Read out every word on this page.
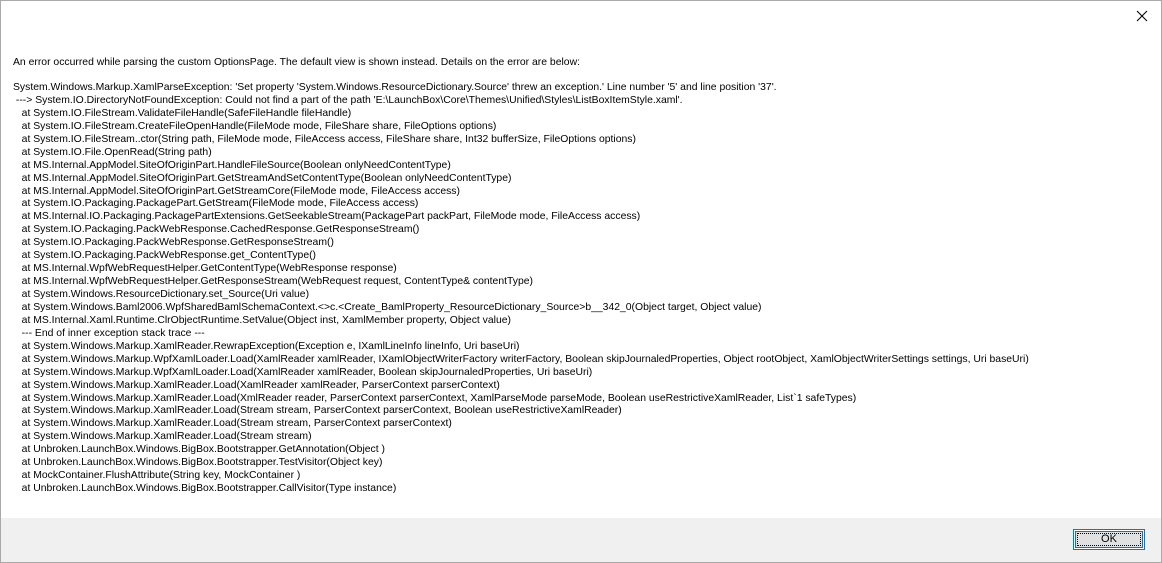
An error occurred while parsing the custom OptionsPage. The default view is shown instead. Details on the error are below:
System.Windows.Markup.XamlParseException: 'Set property 'System.Windows.ResourceDictionary.Source' threw an exception.' Line number '5' and line position '37'.
---> System.IO.DirectoryNotFoundException: Could not find a part of the path 'E:\LaunchBox\Core\Themes\Unified\Styles\ListBoxItemStyle.xaml'.
at System.IO.FileStream.ValidateFileHandle(SafeFileHandle fileHandle)
at System.IO.FileStream.CreateFileOpenHandle(FileMode mode, FileShare share, FileOptions options)
at System.IO.FileStream..ctor(String path, FileMode mode, FileAccess access, FileShare share, Int32 bufferSize, FileOptions options)
at System.IO.File.OpenRead(String path)
at MS.Internal.AppModel.SiteOfOriginPart.HandleFileSource(Boolean onlyNeedContentType)
at MS.Internal.AppModel.SiteOfOriginPart.GetStreamAndSetContentType(Boolean onlyNeedContentType)
at MS.Internal.AppModel.SiteOfOriginPart.GetStreamCore(FileMode mode, FileAccess access)
at System.IO.Packaging.PackagePart.GetStream(FileMode mode, FileAccess access)
at MS.Internal.IO.Packaging.PackagePartExtensions.GetSeekableStream(PackagePart packPart, FileMode mode, FileAccess access)
at System.IO.Packaging.PackWebResponse.CachedResponse.GetResponseStream()
at System.IO.Packaging.PackWebResponse.GetResponseStream()
at System.IO.Packaging.PackWebResponse.get_ContentType()
at MS.Internal.WpfWebRequestHelper.GetContentType(WebResponse response)
at MS.Internal.WpfWebRequestHelper.GetResponseStream(WebRequest request, ContentType& contentType)
at System.Windows.ResourceDictionary.set_Source(Uri value)
at System.Windows.Baml2006.WpfSharedBamlSchemaContext.<>c.<Create_BamlProperty_ResourceDictionary_Source>b__342_0(Object target, Object value)
at MS.Internal.Xaml.Runtime.ClrObjectRuntime.SetValue(Object inst, XamlMember property, Object value)
--- End of inner exception stack trace ---
at System.Windows.Markup.XamlReader.RewrapException(Exception e, IXamlLineInfo lineInfo, Uri baseUri)
at System.Windows.Markup.WpfXamlLoader.Load(XamlReader xamlReader, IXamlObjectWriterFactory writerFactory, Boolean skipJournaledProperties, Object rootObject, XamlObjectWriterSettings settings, Uri baseUri)
at System.Windows.Markup.WpfXamlLoader.Load(XamlReader xamlReader, Boolean skipJournaledProperties, Uri baseUri)
at System.Windows.Markup.XamlReader.Load(XamlReader xamlReader, ParserContext parserContext)
at System.Windows.Markup.XamlReader.Load(XmlReader reader, ParserContext parserContext, XamlParseMode parseMode, Boolean useRestrictiveXamlReader, List`1 safeTypes)
at System.Windows.Markup.XamlReader.Load(Stream stream, ParserContext parserContext, Boolean useRestrictiveXamlReader)
at System.Windows.Markup.XamlReader.Load(Stream stream, ParserContext parserContext)
at System.Windows.Markup.XamlReader.Load(Stream stream)
at Unbroken.LaunchBox.Windows.BigBox.Bootstrapper.GetAnnotation(Object )
at Unbroken.LaunchBox.Windows.BigBox.Bootstrapper.TestVisitor(Object key)
at MockContainer.FlushAttribute(String key, MockContainer )
at Unbroken.LaunchBox.Windows.BigBox.Bootstrapper.CallVisitor(Type instance)
OK
